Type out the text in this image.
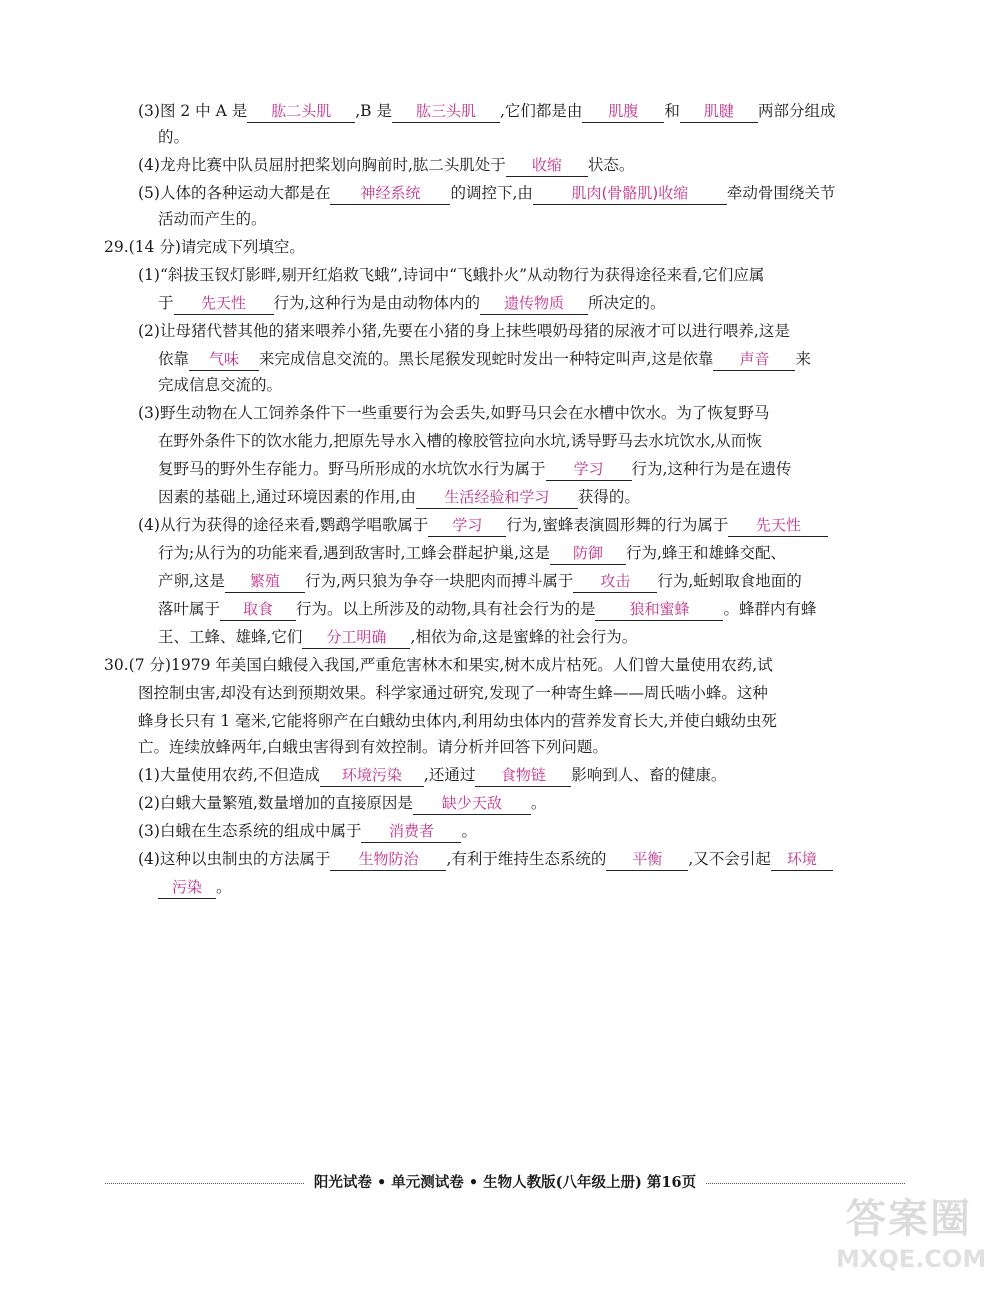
(3)图 2 中 A 是 肱二头肌 ,B 是 肱三头肌 ,它们都是由 肌腹 和 肌腱 两部分组成
的。
(4)龙舟比赛中队员屈肘把桨划向胸前时,肱二头肌处于 收缩 状态。
(5)人体的各种运动大都是在 神经系统 的调控下,由	肌肉(骨骼肌)收缩 牵动骨围绕关节
活动而产生的。
29.(14 分)请完成下列填空。
(1)“斜拔玉钗灯影畔,剔开红焰救飞蛾”,诗词中“飞蛾扑火”从动物行为获得途径来看,它们应属
于 先天性 行为,这种行为是由动物体内的 遗传物质 所决定的。
(2)让母猪代替其他的猪来喂养小猪,先要在小猪的身上抹些喂奶母猪的尿液才可以进行喂养,这是
依靠 气味 来完成信息交流的。黑长尾猴发现蛇时发出一种特定叫声,这是依靠 声音 来
完成信息交流的。
(3)野生动物在人工饲养条件下一些重要行为会丢失,如野马只会在水槽中饮水。为了恢复野马
在野外条件下的饮水能力,把原先导水入槽的橡胶管拉向水坑,诱导野马去水坑饮水,从而恢
复野马的野外生存能力。野马所形成的水坑饮水行为属于 学习 行为,这种行为是在遗传
因素的基础上,通过环境因素的作用,由 生活经验和学习 获得的。
(4)从行为获得的途径来看,鹦鹉学唱歌属于 学习 行为,蜜蜂表演圆形舞的行为属于 先天性
行为;从行为的功能来看,遇到敌害时,工蜂会群起护巢,这是 防御 行为,蜂王和雄蜂交配、
产卵,这是 繁殖 行为,两只狼为争夺一块肥肉而搏斗属于 攻击 行为,蚯蚓取食地面的
落叶属于 取食 行为。以上所涉及的动物,具有社会行为的是 狼和蜜蜂 。蜂群内有蜂
王、工蜂、雄蜂,它们 分工明确 ,相依为命,这是蜜蜂的社会行为。
30.(7 分)1979 年美国白蛾侵入我国,严重危害林木和果实,树木成片枯死。人们曾大量使用农药,试
图控制虫害,却没有达到预期效果。科学家通过研究,发现了一种寄生蜂——周氏啮小蜂。这种
蜂身长只有 1 毫米,它能将卵产在白蛾幼虫体内,利用幼虫体内的营养发育长大,并使白蛾幼虫死
亡。连续放蜂两年,白蛾虫害得到有效控制。请分析并回答下列问题。
(1)大量使用农药,不但造成 环境污染 ,还通过 食物链 影响到人、畜的健康。
(2)白蛾大量繁殖,数量增加的直接原因是 缺少天敌 。
(3)白蛾在生态系统的组成中属于 消费者 。
(4)这种以虫制虫的方法属于 生物防治 ,有利于维持生态系统的 平衡 ,又不会引起 环境
污染 。
阳光试卷 • 单元测试卷 • 生物人教版(八年级上册) 第16页
答案圈
MXQE.COM
